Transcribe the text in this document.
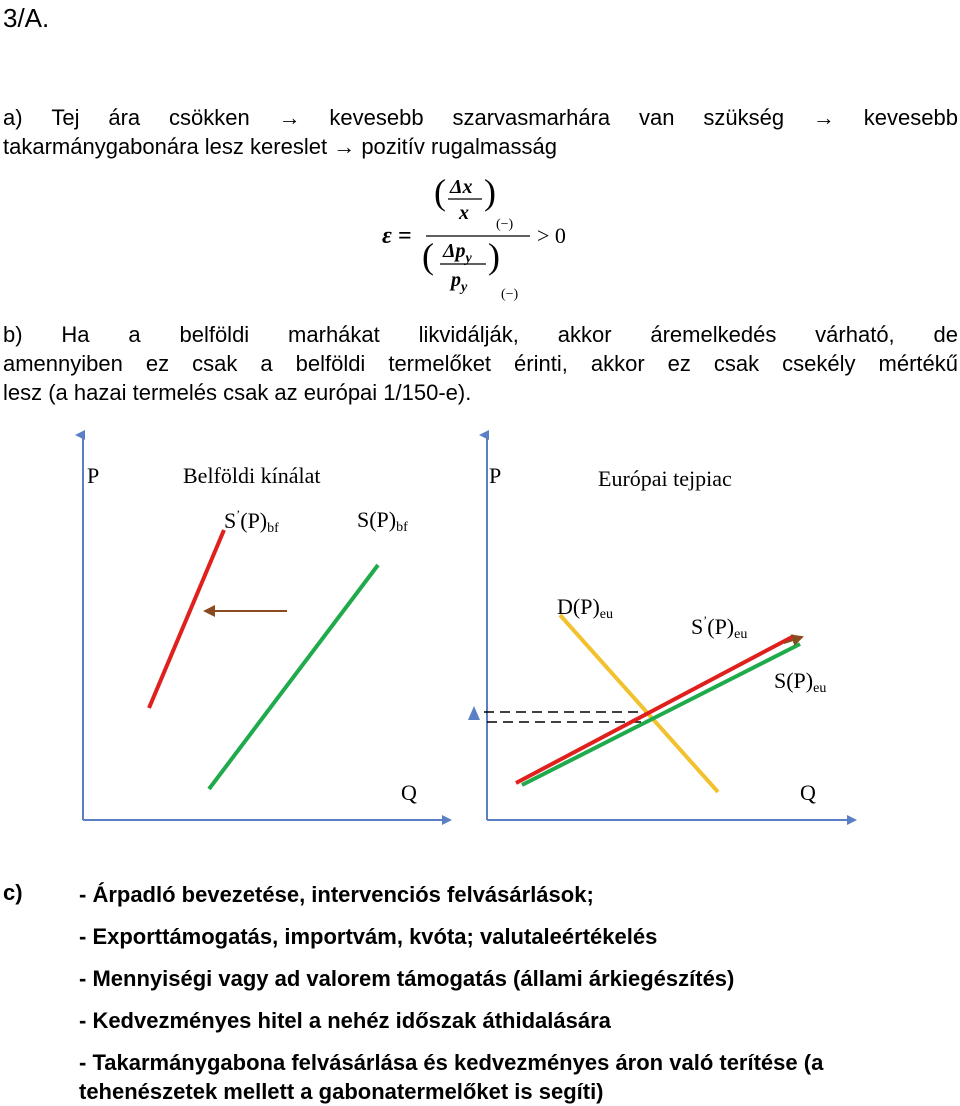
3/A.
a) Tej ára csökken → kevesebb szarvasmarhára van szükség → kevesebb
takarmánygabonára lesz kereslet → pozitív rugalmasság
ε =
( Δx
x
)
(−)
( $\Delta p_y$
$p_y$
)
(−)
> 0
b) Ha a belföldi marhákat likvidálják, akkor áremelkedés várható, de
amennyiben ez csak a belföldi termelőket érinti, akkor ez csak csekély mértékű
lesz (a hazai termelés csak az európai 1/150-e).
P	Belföldi kínálat
$S^’(P)_{bf}$	$S(P)_{bf}$
Q
P	Európai tejpiac
$D(P)_{eu}$	$S^’(P)_{eu}$
$S(P)_{eu}$
Q
c)	- Árpadló bevezetése, intervenciós felvásárlások;
- Exporttámogatás, importvám, kvóta; valutaleértékelés
- Mennyiségi vagy ad valorem támogatás (állami árkiegészítés)
- Kedvezményes hitel a nehéz időszak áthidalására
- Takarmánygabona felvásárlása és kedvezményes áron való terítése (a tehenészetek mellett a gabonatermelőket is segíti)
